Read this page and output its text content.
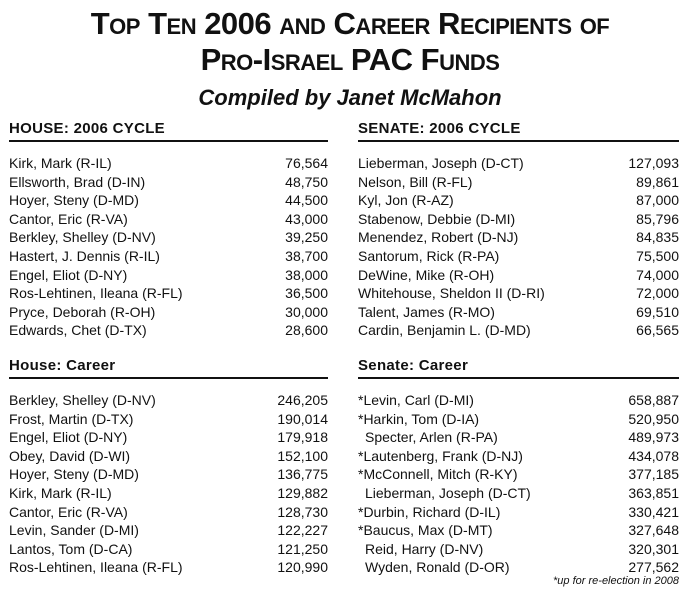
Top Ten 2006 and Career Recipients of
Pro-Israel PAC Funds
Compiled by Janet McMahon
HOUSE: 2006 CYCLE
Kirk, Mark (R-IL)	76,564
Ellsworth, Brad (D-IN)	48,750
Hoyer, Steny (D-MD)	44,500
Cantor, Eric (R-VA)	43,000
Berkley, Shelley (D-NV)	39,250
Hastert, J. Dennis (R-IL)	38,700
Engel, Eliot (D-NY)	38,000
Ros-Lehtinen, Ileana (R-FL)	36,500
Pryce, Deborah (R-OH)	30,000
Edwards, Chet (D-TX)	28,600
SENATE: 2006 CYCLE
Lieberman, Joseph (D-CT)	127,093
Nelson, Bill (R-FL)	89,861
Kyl, Jon (R-AZ)	87,000
Stabenow, Debbie (D-MI)	85,796
Menendez, Robert (D-NJ)	84,835
Santorum, Rick (R-PA)	75,500
DeWine, Mike (R-OH)	74,000
Whitehouse, Sheldon II (D-RI)	72,000
Talent, James (R-MO)	69,510
Cardin, Benjamin L. (D-MD)	66,565
House: Career
Berkley, Shelley (D-NV)	246,205
Frost, Martin (D-TX)	190,014
Engel, Eliot (D-NY)	179,918
Obey, David (D-WI)	152,100
Hoyer, Steny (D-MD)	136,775
Kirk, Mark (R-IL)	129,882
Cantor, Eric (R-VA)	128,730
Levin, Sander (D-MI)	122,227
Lantos, Tom (D-CA)	121,250
Ros-Lehtinen, Ileana (R-FL)	120,990
Senate: Career
*Levin, Carl (D-MI)	658,887
*Harkin, Tom (D-IA)	520,950
Specter, Arlen (R-PA)	489,973
*Lautenberg, Frank (D-NJ)	434,078
*McConnell, Mitch (R-KY)	377,185
Lieberman, Joseph (D-CT)	363,851
*Durbin, Richard (D-IL)	330,421
*Baucus, Max (D-MT)	327,648
Reid, Harry (D-NV)	320,301
Wyden, Ronald (D-OR)	277,562
*up for re-election in 2008
